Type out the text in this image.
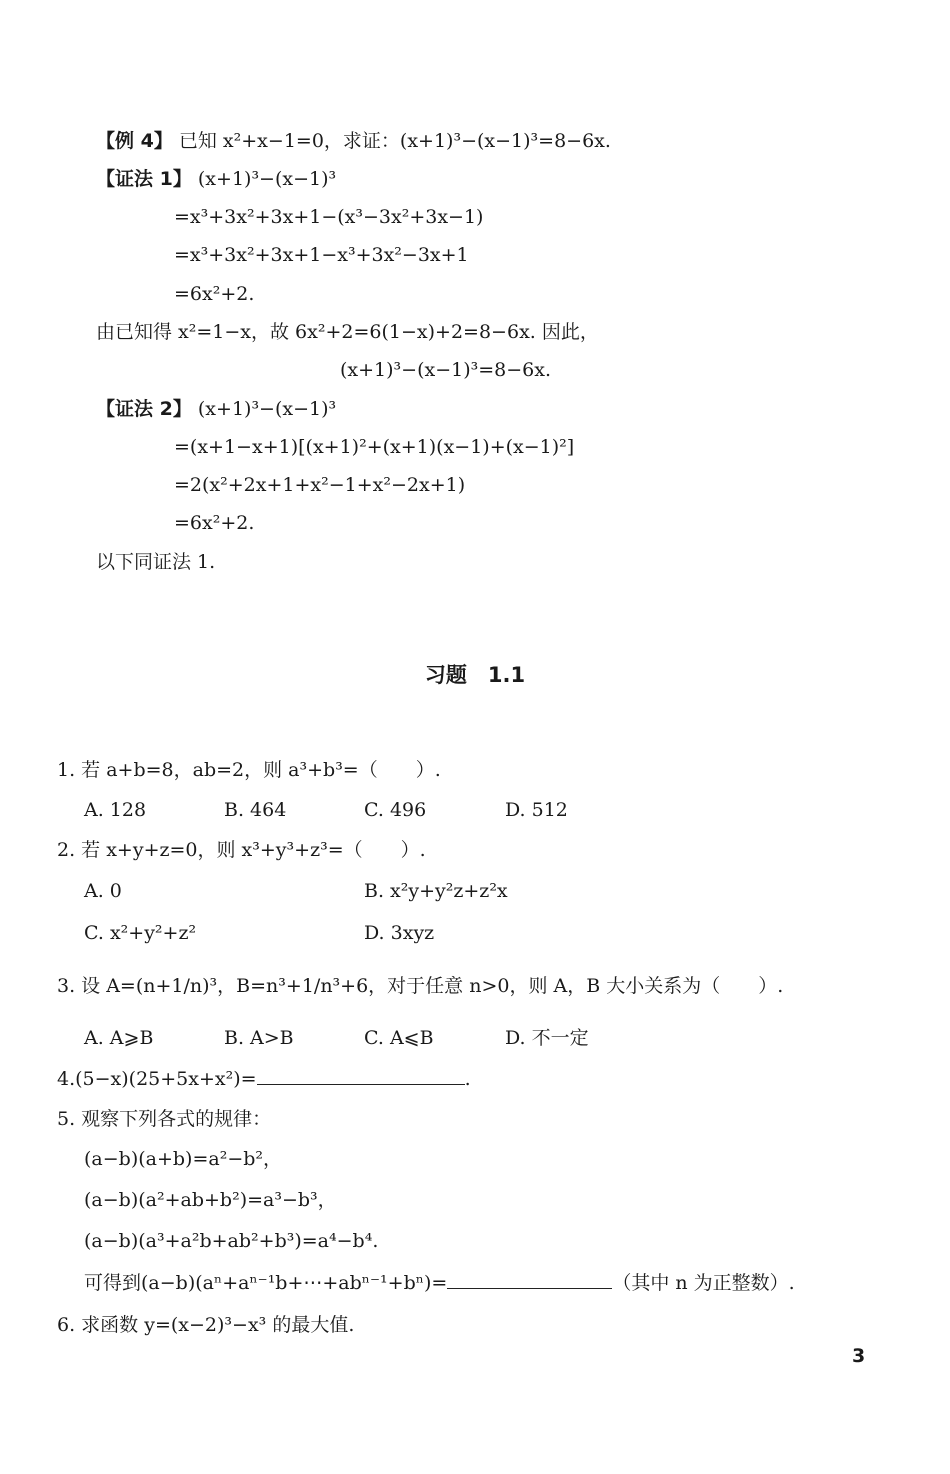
【例 4】 已知 x²+x−1=0，求证：(x+1)³−(x−1)³=8−6x.
【证法 1】 (x+1)³−(x−1)³
=x³+3x²+3x+1−(x³−3x²+3x−1)
=x³+3x²+3x+1−x³+3x²−3x+1
=6x²+2.
由已知得 x²=1−x，故 6x²+2=6(1−x)+2=8−6x. 因此，
(x+1)³−(x−1)³=8−6x.
【证法 2】 (x+1)³−(x−1)³
=(x+1−x+1)[(x+1)²+(x+1)(x−1)+(x−1)²]
=2(x²+2x+1+x²−1+x²−2x+1)
=6x²+2.
以下同证法 1.
习题　1.1
1. 若 a+b=8，ab=2，则 a³+b³=（　　）.
A. 128	B. 464	C. 496	D. 512
2. 若 x+y+z=0，则 x³+y³+z³=（　　）.
A. 0	B. x²y+y²z+z²x
C. x²+y²+z²	D. 3xyz
3. 设 A=(n+1/n)³，B=n³+1/n³+6，对于任意 n>0，则 A，B 大小关系为（　　）.
A. A⩾B	B. A>B	C. A⩽B	D. 不一定
4.(5−x)(25+5x+x²)=	.
5. 观察下列各式的规律：
(a−b)(a+b)=a²−b²，
(a−b)(a²+ab+b²)=a³−b³，
(a−b)(a³+a²b+ab²+b³)=a⁴−b⁴.
可得到(a−b)(aⁿ+aⁿ⁻¹b+⋯+abⁿ⁻¹+bⁿ)=	（其中 n 为正整数）.
6. 求函数 y=(x−2)³−x³ 的最大值.
3
